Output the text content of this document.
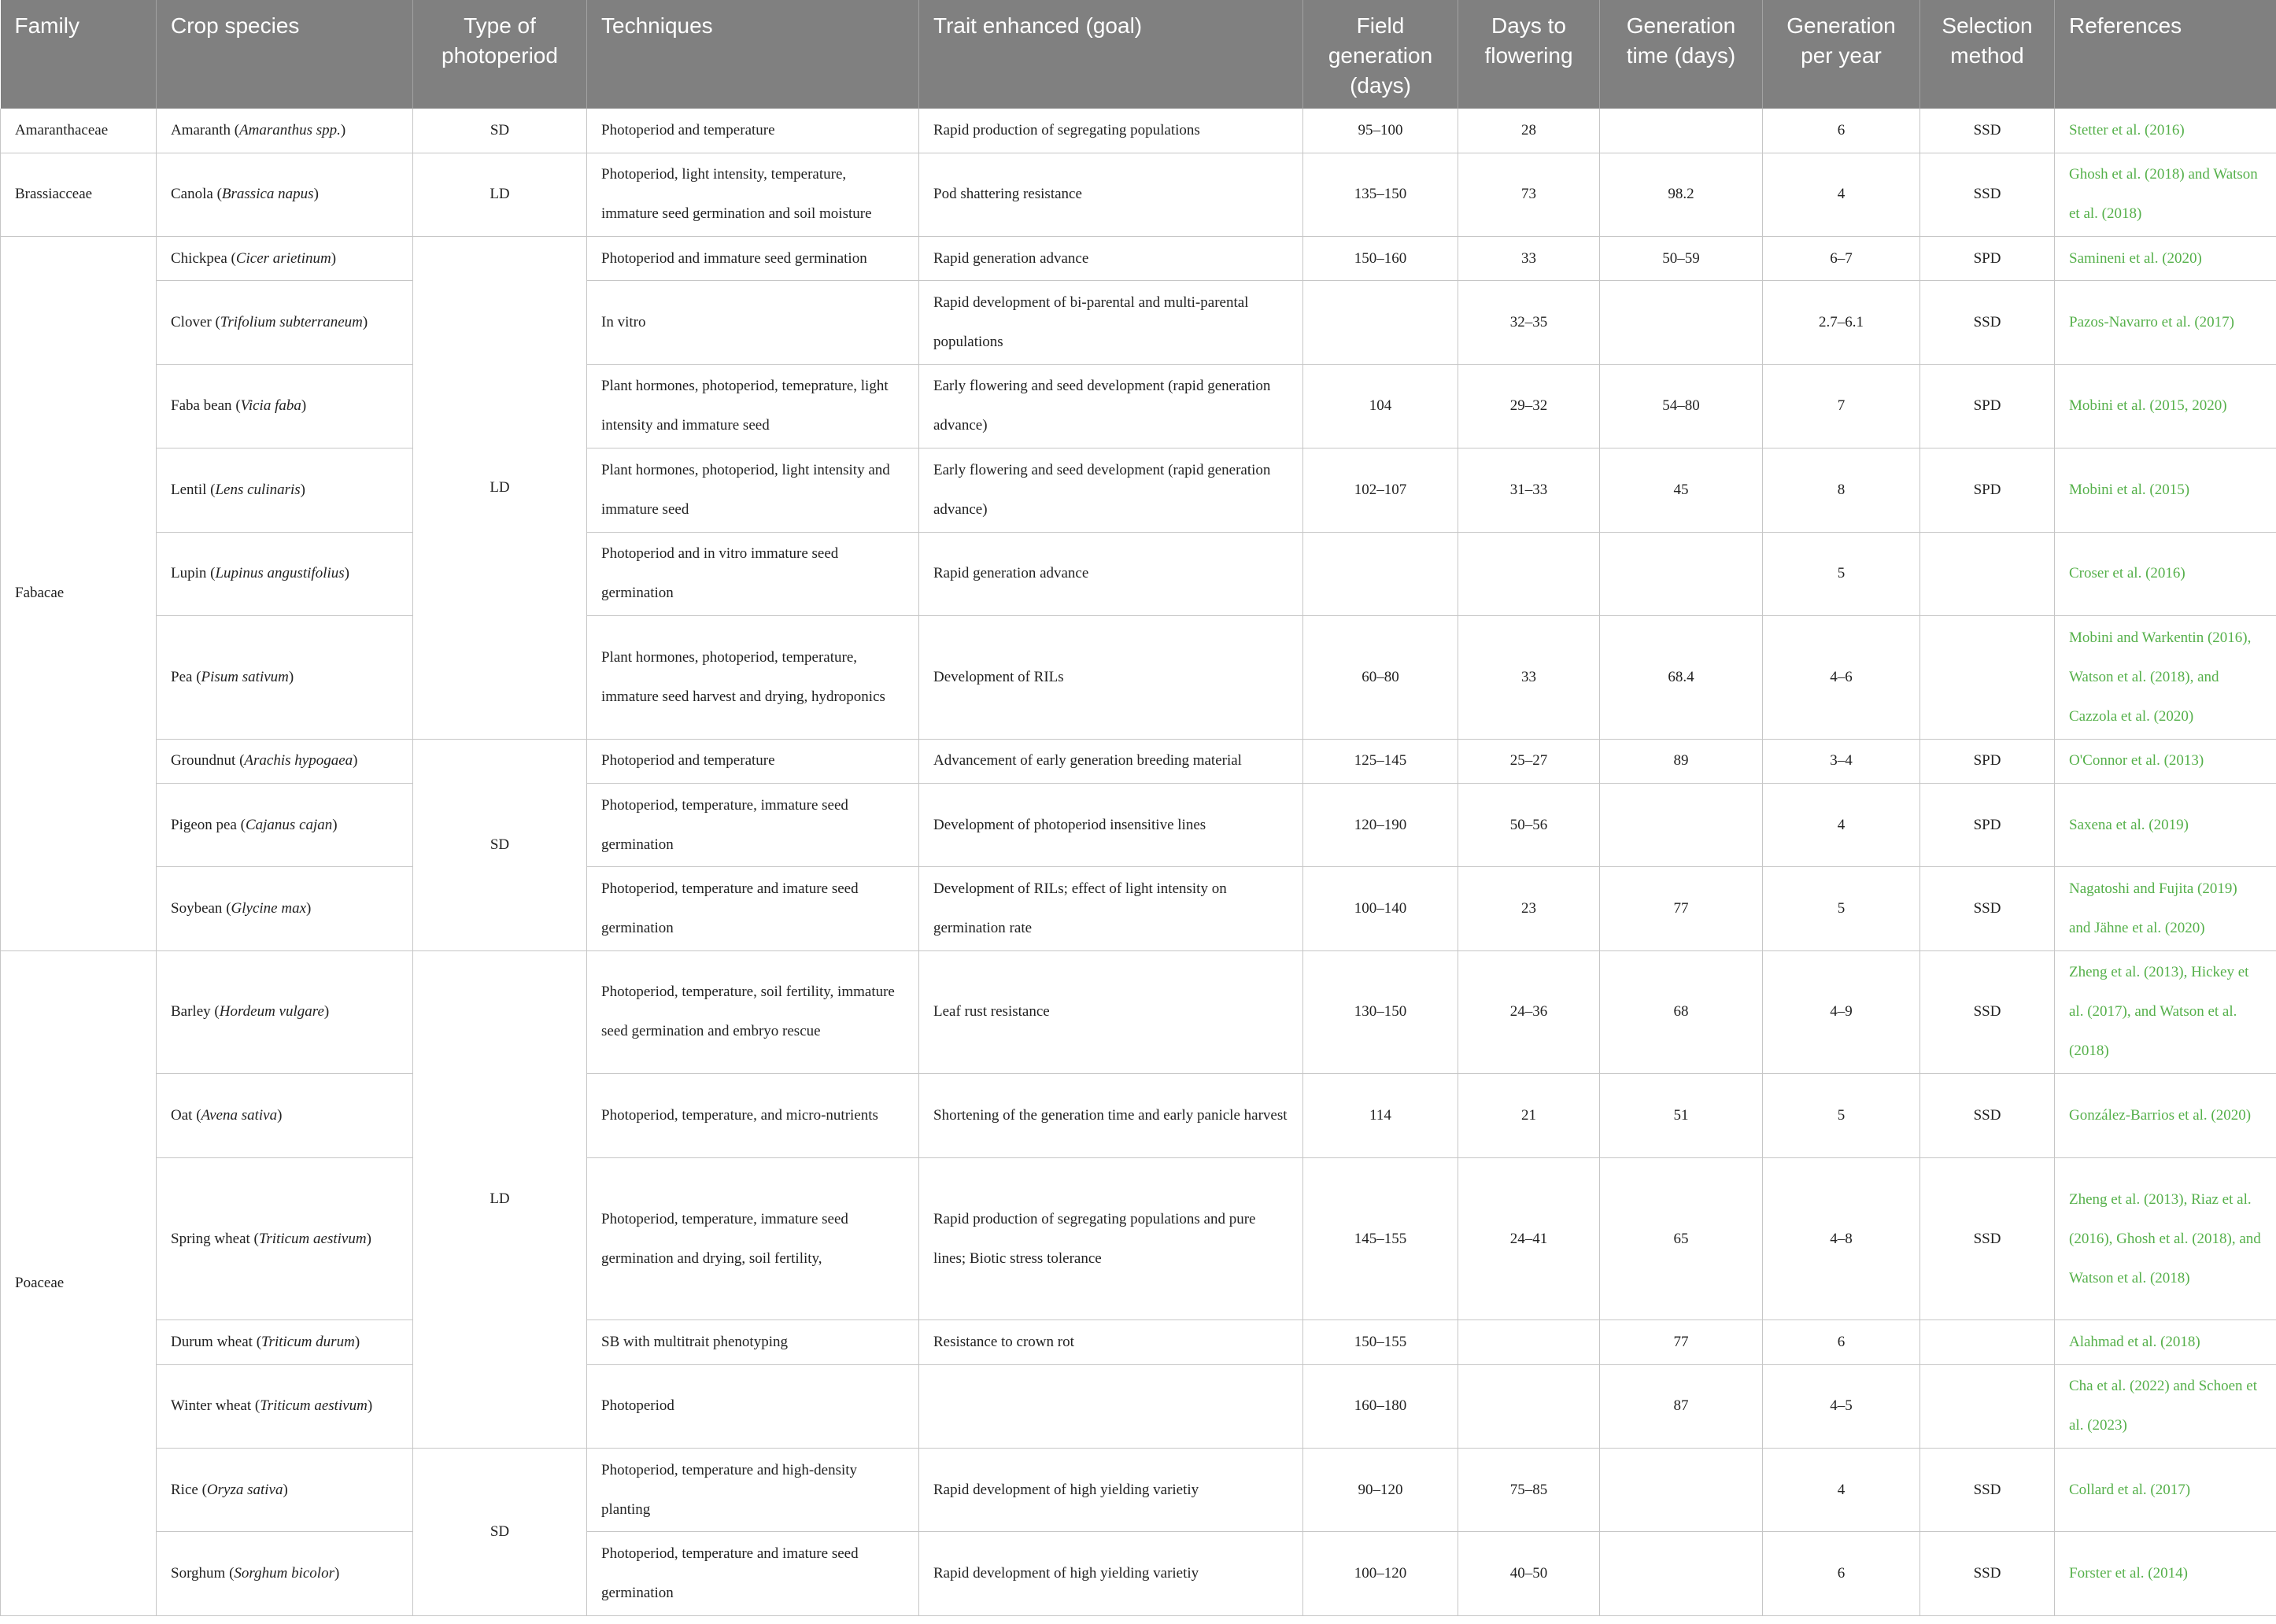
Family	Crop species	Type of photoperiod	Techniques	Trait enhanced (goal)	Field generation (days)	Days to flowering	Generation time (days)	Generation per year	Selection method	References
Amaranthaceae	Amaranth (Amaranthus spp.)	SD	Photoperiod and temperature	Rapid production of segregating populations	95–100	28		6	SSD	Stetter et al. (2016)
Brassiacceae	Canola (Brassica napus)	LD	Photoperiod, light intensity, temperature, immature seed germination and soil moisture	Pod shattering resistance	135–150	73	98.2	4	SSD	Ghosh et al. (2018) and Watson et al. (2018)
Fabacae	Chickpea (Cicer arietinum)	LD	Photoperiod and immature seed germination	Rapid generation advance	150–160	33	50–59	6–7	SPD	Samineni et al. (2020)
	Clover (Trifolium subterraneum)		In vitro	Rapid development of bi-parental and multi-parental populations		32–35		2.7–6.1	SSD	Pazos-Navarro et al. (2017)
	Faba bean (Vicia faba)		Plant hormones, photoperiod, temeprature, light intensity and immature seed	Early flowering and seed development (rapid generation advance)	104	29–32	54–80	7	SPD	Mobini et al. (2015, 2020)
	Lentil (Lens culinaris)		Plant hormones, photoperiod, light intensity and immature seed	Early flowering and seed development (rapid generation advance)	102–107	31–33	45	8	SPD	Mobini et al. (2015)
	Lupin (Lupinus angustifolius)		Photoperiod and in vitro immature seed germination	Rapid generation advance				5		Croser et al. (2016)
	Pea (Pisum sativum)		Plant hormones, photoperiod, temperature, immature seed harvest and drying, hydroponics	Development of RILs	60–80	33	68.4	4–6		Mobini and Warkentin (2016), Watson et al. (2018), and Cazzola et al. (2020)
	Groundnut (Arachis hypogaea)	SD	Photoperiod and temperature	Advancement of early generation breeding material	125–145	25–27	89	3–4	SPD	O'Connor et al. (2013)
	Pigeon pea (Cajanus cajan)		Photoperiod, temperature, immature seed germination	Development of photoperiod insensitive lines	120–190	50–56		4	SPD	Saxena et al. (2019)
	Soybean (Glycine max)		Photoperiod, temperature and imature seed germination	Development of RILs; effect of light intensity on germination rate	100–140	23	77	5	SSD	Nagatoshi and Fujita (2019) and Jähne et al. (2020)
Poaceae	Barley (Hordeum vulgare)	LD	Photoperiod, temperature, soil fertility, immature seed germination and embryo rescue	Leaf rust resistance	130–150	24–36	68	4–9	SSD	Zheng et al. (2013), Hickey et al. (2017), and Watson et al. (2018)
	Oat (Avena sativa)		Photoperiod, temperature, and micro-nutrients	Shortening of the generation time and early panicle harvest	114	21	51	5	SSD	González-Barrios et al. (2020)
	Spring wheat (Triticum aestivum)		Photoperiod, temperature, immature seed germination and drying, soil fertility,	Rapid production of segregating populations and pure lines; Biotic stress tolerance	145–155	24–41	65	4–8	SSD	Zheng et al. (2013), Riaz et al. (2016), Ghosh et al. (2018), and Watson et al. (2018)
	Durum wheat (Triticum durum)		SB with multitrait phenotyping	Resistance to crown rot	150–155		77	6		Alahmad et al. (2018)
	Winter wheat (Triticum aestivum)		Photoperiod		160–180		87	4–5		Cha et al. (2022) and Schoen et al. (2023)
	Rice (Oryza sativa)	SD	Photoperiod, temperature and high-density planting	Rapid development of high yielding varietiy	90–120	75–85		4	SSD	Collard et al. (2017)
	Sorghum (Sorghum bicolor)		Photoperiod, temperature and imature seed germination	Rapid development of high yielding varietiy	100–120	40–50		6	SSD	Forster et al. (2014)
